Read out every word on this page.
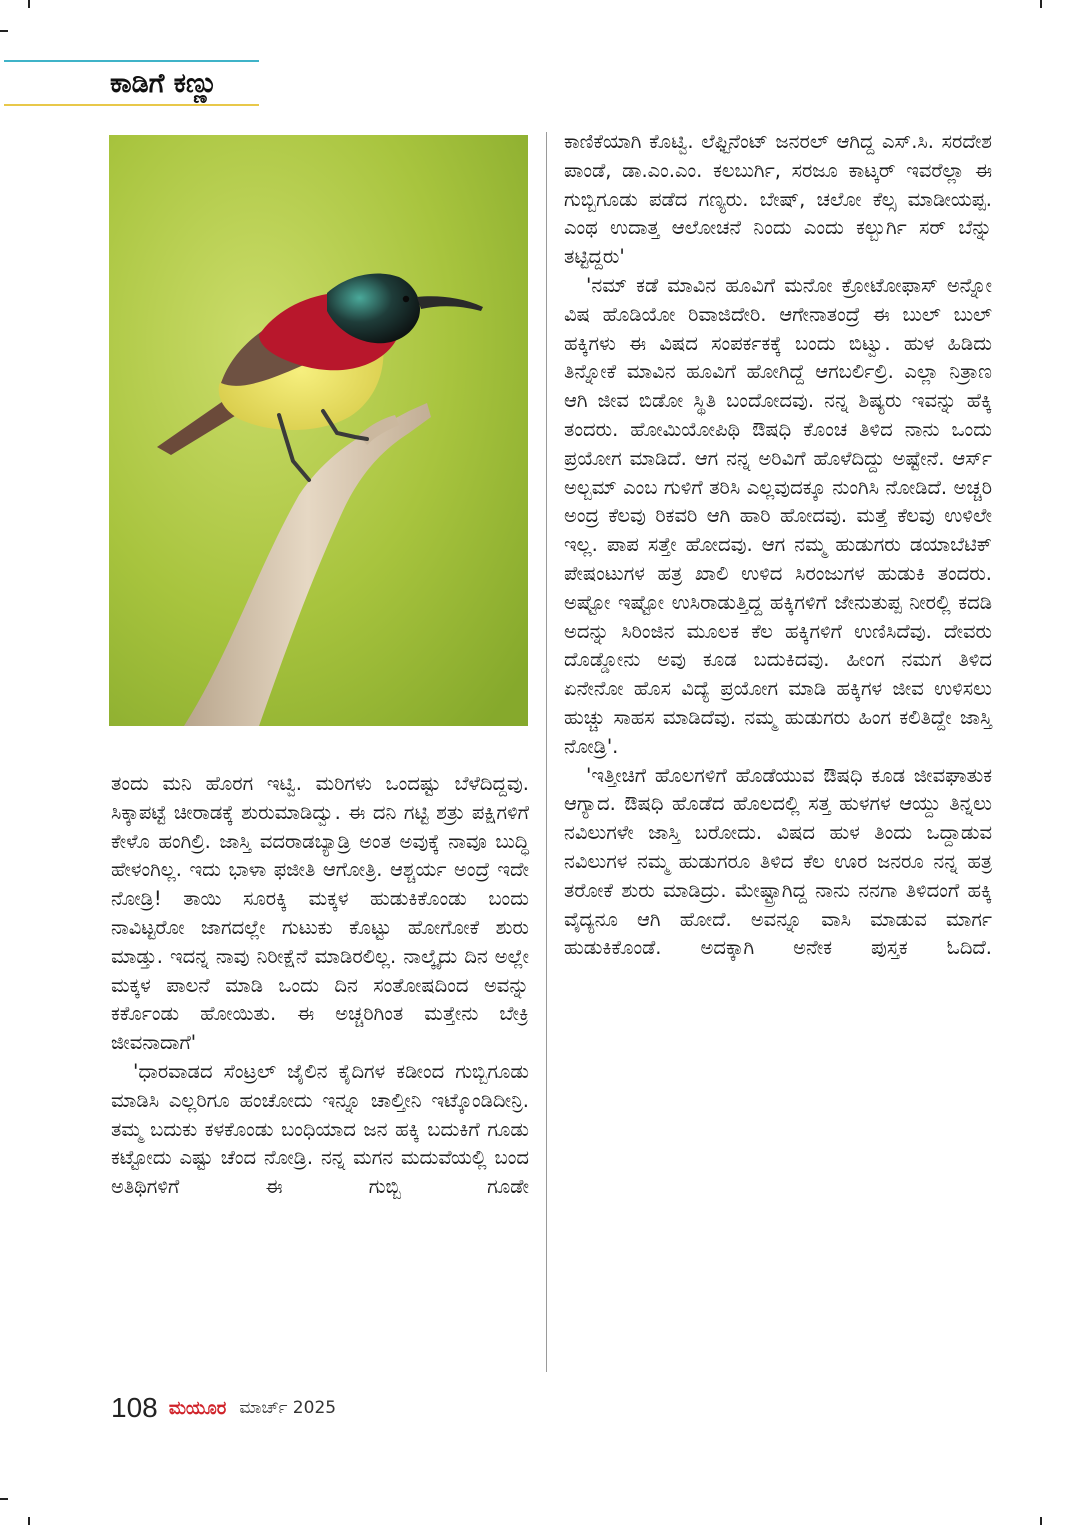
ಕಾಡಿಗೆ ಕಣ್ಣು

ತಂದು ಮನಿ ಹೊರಗ ಇಟ್ವಿ. ಮರಿಗಳು ಒಂದಷ್ಟು ಬೆಳೆದಿದ್ದವು. ಸಿಕ್ಕಾಪಟ್ಟೆ ಚೀರಾಡಕ್ಕೆ ಶುರುಮಾಡಿದ್ವು. ಈ ದನಿ ಗಟ್ಟಿ ಶತ್ರು ಪಕ್ಷಿಗಳಿಗೆ ಕೇಳೊ ಹಂಗಿಲ್ರಿ. ಜಾಸ್ತಿ ವದರಾಡಬ್ಯಾಡ್ರಿ ಅಂತ ಅವುಕ್ಕೆ ನಾವೂ ಬುದ್ಧಿ ಹೇಳಂಗಿಲ್ಲ. ಇದು ಭಾಳಾ ಫಜೀತಿ ಆಗೋತ್ರಿ. ಆಶ್ಚರ್ಯ ಅಂದ್ರೆ ಇದೇ ನೋಡ್ರಿ! ತಾಯಿ ಸೂರಕ್ಕಿ ಮಕ್ಕಳ ಹುಡುಕಿಕೊಂಡು ಬಂದು ನಾವಿಟ್ಟರೋ ಜಾಗದಲ್ಲೇ ಗುಟುಕು ಕೊಟ್ಟು ಹೋಗೋಕೆ ಶುರು ಮಾಡ್ತು. ಇದನ್ನ ನಾವು ನಿರೀಕ್ಷೆನೆ ಮಾಡಿರಲಿಲ್ಲ. ನಾಲ್ಕೈದು ದಿನ ಅಲ್ಲೇ ಮಕ್ಕಳ ಪಾಲನೆ ಮಾಡಿ ಒಂದು ದಿನ ಸಂತೋಷದಿಂದ ಅವನ್ನು ಕರ್ಕೊಂಡು ಹೋಯಿತು. ಈ ಅಚ್ಚರಿಗಿಂತ ಮತ್ತೇನು ಬೇಕ್ರಿ ಜೀವನಾದಾಗೆ'

'ಧಾರವಾಡದ ಸೆಂಟ್ರಲ್ ಜೈಲಿನ ಕೈದಿಗಳ ಕಡೀಂದ ಗುಬ್ಬಿಗೂಡು ಮಾಡಿಸಿ ಎಲ್ಲರಿಗೂ ಹಂಚೋದು ಇನ್ನೂ ಚಾಲ್ತೀನಿ ಇಟ್ಕೊಂಡಿದೀನ್ರಿ. ತಮ್ಮ ಬದುಕು ಕಳಕೊಂಡು ಬಂಧಿಯಾದ ಜನ ಹಕ್ಕಿ ಬದುಕಿಗೆ ಗೂಡು ಕಟ್ಟೋದು ಎಷ್ಟು ಚೆಂದ ನೋಡ್ರಿ. ನನ್ನ ಮಗನ ಮದುವೆಯಲ್ಲಿ ಬಂದ ಅತಿಥಿಗಳಿಗೆ ಈ ಗುಬ್ಬಿ ಗೂಡೇ

ಕಾಣಿಕೆಯಾಗಿ ಕೊಟ್ವಿ. ಲೆಫ್ಟಿನೆಂಟ್ ಜನರಲ್ ಆಗಿದ್ದ ಎಸ್.ಸಿ. ಸರದೇಶ ಪಾಂಡೆ, ಡಾ.ಎಂ.ಎಂ. ಕಲಬುರ್ಗಿ, ಸರಜೂ ಕಾಟ್ಕರ್ ಇವರೆಲ್ಲಾ ಈ ಗುಬ್ಬಿಗೂಡು ಪಡೆದ ಗಣ್ಯರು. ಬೇಷ್, ಚಲೋ ಕೆಲ್ಸ ಮಾಡೀಯಪ್ಪ. ಎಂಥ ಉದಾತ್ತ ಆಲೋಚನೆ ನಿಂದು ಎಂದು ಕಲ್ಬುರ್ಗಿ ಸರ್ ಬೆನ್ನು ತಟ್ಟಿದ್ದರು'

'ನಮ್ ಕಡೆ ಮಾವಿನ ಹೂವಿಗೆ ಮನೋ ಕ್ರೋಟೋಫಾಸ್ ಅನ್ನೋ ವಿಷ ಹೊಡಿಯೋ ರಿವಾಜಿದೇರಿ. ಆಗೇನಾತಂದ್ರೆ ಈ ಬುಲ್ ಬುಲ್ ಹಕ್ಕಿಗಳು ಈ ವಿಷದ ಸಂಪರ್ಕಕಕ್ಕೆ ಬಂದು ಬಿಟ್ವು. ಹುಳ ಹಿಡಿದು ತಿನ್ನೋಕೆ ಮಾವಿನ ಹೂವಿಗೆ ಹೋಗಿದ್ದೆ ಆಗಬರ್ಲಿಲ್ರಿ. ಎಲ್ಲಾ ನಿತ್ರಾಣ ಆಗಿ ಜೀವ ಬಿಡೋ ಸ್ಥಿತಿ ಬಂದೋದವು. ನನ್ನ ಶಿಷ್ಯರು ಇವನ್ನು ಹೆಕ್ಕಿ ತಂದರು. ಹೋಮಿಯೋಪಿಥಿ ಔಷಧಿ ಕೊಂಚ ತಿಳಿದ ನಾನು ಒಂದು ಪ್ರಯೋಗ ಮಾಡಿದೆ. ಆಗ ನನ್ನ ಅರಿವಿಗೆ ಹೊಳೆದಿದ್ದು ಅಷ್ಟೇನೆ. ಆರ್ಸ್ ಅಲ್ಬಮ್ ಎಂಬ ಗುಳಿಗೆ ತರಿಸಿ ಎಲ್ಲವುದಕ್ಕೂ ನುಂಗಿಸಿ ನೋಡಿದೆ. ಅಚ್ಚರಿ ಅಂದ್ರ ಕೆಲವು ರಿಕವರಿ ಆಗಿ ಹಾರಿ ಹೋದವು. ಮತ್ತೆ ಕೆಲವು ಉಳಿಲೇ ಇಲ್ಲ. ಪಾಪ ಸತ್ತೇ ಹೋದವು. ಆಗ ನಮ್ಮ ಹುಡುಗರು ಡಯಾಬೆಟಿಕ್ ಪೇಷಂಟುಗಳ ಹತ್ರ ಖಾಲಿ ಉಳಿದ ಸಿರಂಜುಗಳ ಹುಡುಕಿ ತಂದರು. ಅಷ್ಟೋ ಇಷ್ಟೋ ಉಸಿರಾಡುತ್ತಿದ್ದ ಹಕ್ಕಿಗಳಿಗೆ ಜೇನುತುಪ್ಪ ನೀರಲ್ಲಿ ಕದಡಿ ಅದನ್ನು ಸಿರಿಂಜಿನ ಮೂಲಕ ಕೆಲ ಹಕ್ಕಿಗಳಿಗೆ ಉಣಿಸಿದೆವು. ದೇವರು ದೊಡ್ಡೋನು ಅವು ಕೂಡ ಬದುಕಿದವು. ಹೀಂಗ ನಮಗ ತಿಳಿದ ಏನೇನೋ ಹೊಸ ವಿದ್ಯೆ ಪ್ರಯೋಗ ಮಾಡಿ ಹಕ್ಕಿಗಳ ಜೀವ ಉಳಿಸಲು ಹುಚ್ಚು ಸಾಹಸ ಮಾಡಿದೆವು. ನಮ್ಮ ಹುಡುಗರು ಹಿಂಗ ಕಲಿತಿದ್ದೇ ಜಾಸ್ತಿ ನೋಡ್ರಿ'.

'ಇತ್ತೀಚಿಗೆ ಹೊಲಗಳಿಗೆ ಹೊಡೆಯುವ ಔಷಧಿ ಕೂಡ ಜೀವಘಾತುಕ ಆಗ್ಯಾದ. ಔಷಧಿ ಹೊಡೆದ ಹೊಲದಲ್ಲಿ ಸತ್ತ ಹುಳಗಳ ಆಯ್ದು ತಿನ್ನಲು ನವಿಲುಗಳೇ ಜಾಸ್ತಿ ಬರೋದು. ವಿಷದ ಹುಳ ತಿಂದು ಒದ್ದಾಡುವ ನವಿಲುಗಳ ನಮ್ಮ ಹುಡುಗರೂ ತಿಳಿದ ಕೆಲ ಊರ ಜನರೂ ನನ್ನ ಹತ್ರ ತರೋಕೆ ಶುರು ಮಾಡಿದ್ರು. ಮೇಷ್ಟ್ರಾಗಿದ್ದ ನಾನು ನನಗಾ ತಿಳಿದಂಗೆ ಹಕ್ಕಿ ವೈದ್ಯನೂ ಆಗಿ ಹೋದೆ. ಅವನ್ನೂ ವಾಸಿ ಮಾಡುವ ಮಾರ್ಗ ಹುಡುಕಿಕೊಂಡೆ. ಅದಕ್ಕಾಗಿ ಅನೇಕ ಪುಸ್ತಕ ಓದಿದೆ.

108 ಮಯೂರ ಮಾರ್ಚ್ 2025
